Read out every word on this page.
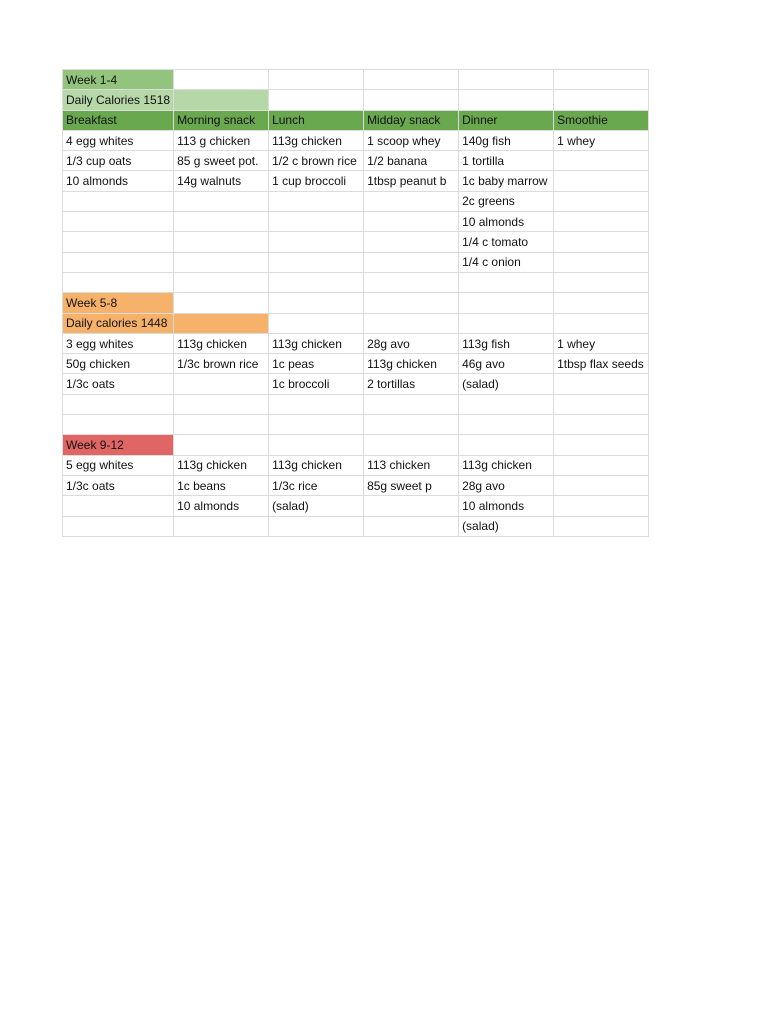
Week 1-4					
Daily Calories 1518					
Breakfast	Morning snack	Lunch	Midday snack	Dinner	Smoothie
4 egg whites	113 g chicken	113g chicken	1 scoop whey	140g fish	1 whey
1/3 cup oats	85 g sweet pot.	1/2 c brown rice	1/2 banana	1 tortilla	
10 almonds	14g walnuts	1 cup broccoli	1tbsp peanut b	1c baby marrow	
				2c greens	
				10 almonds	
				1/4 c tomato	
				1/4 c onion	

Week 5-8					
Daily calories 1448					
3 egg whites	113g chicken	113g chicken	28g avo	113g fish	1 whey
50g chicken	1/3c brown rice	1c peas	113g chicken	46g avo	1tbsp flax seeds
1/3c oats		1c broccoli	2 tortillas	(salad)	

Week 9-12					
5 egg whites	113g chicken	113g chicken	113 chicken	113g chicken	
1/3c oats	1c beans	1/3c rice	85g sweet p	28g avo	
	10 almonds	(salad)		10 almonds	
				(salad)	
